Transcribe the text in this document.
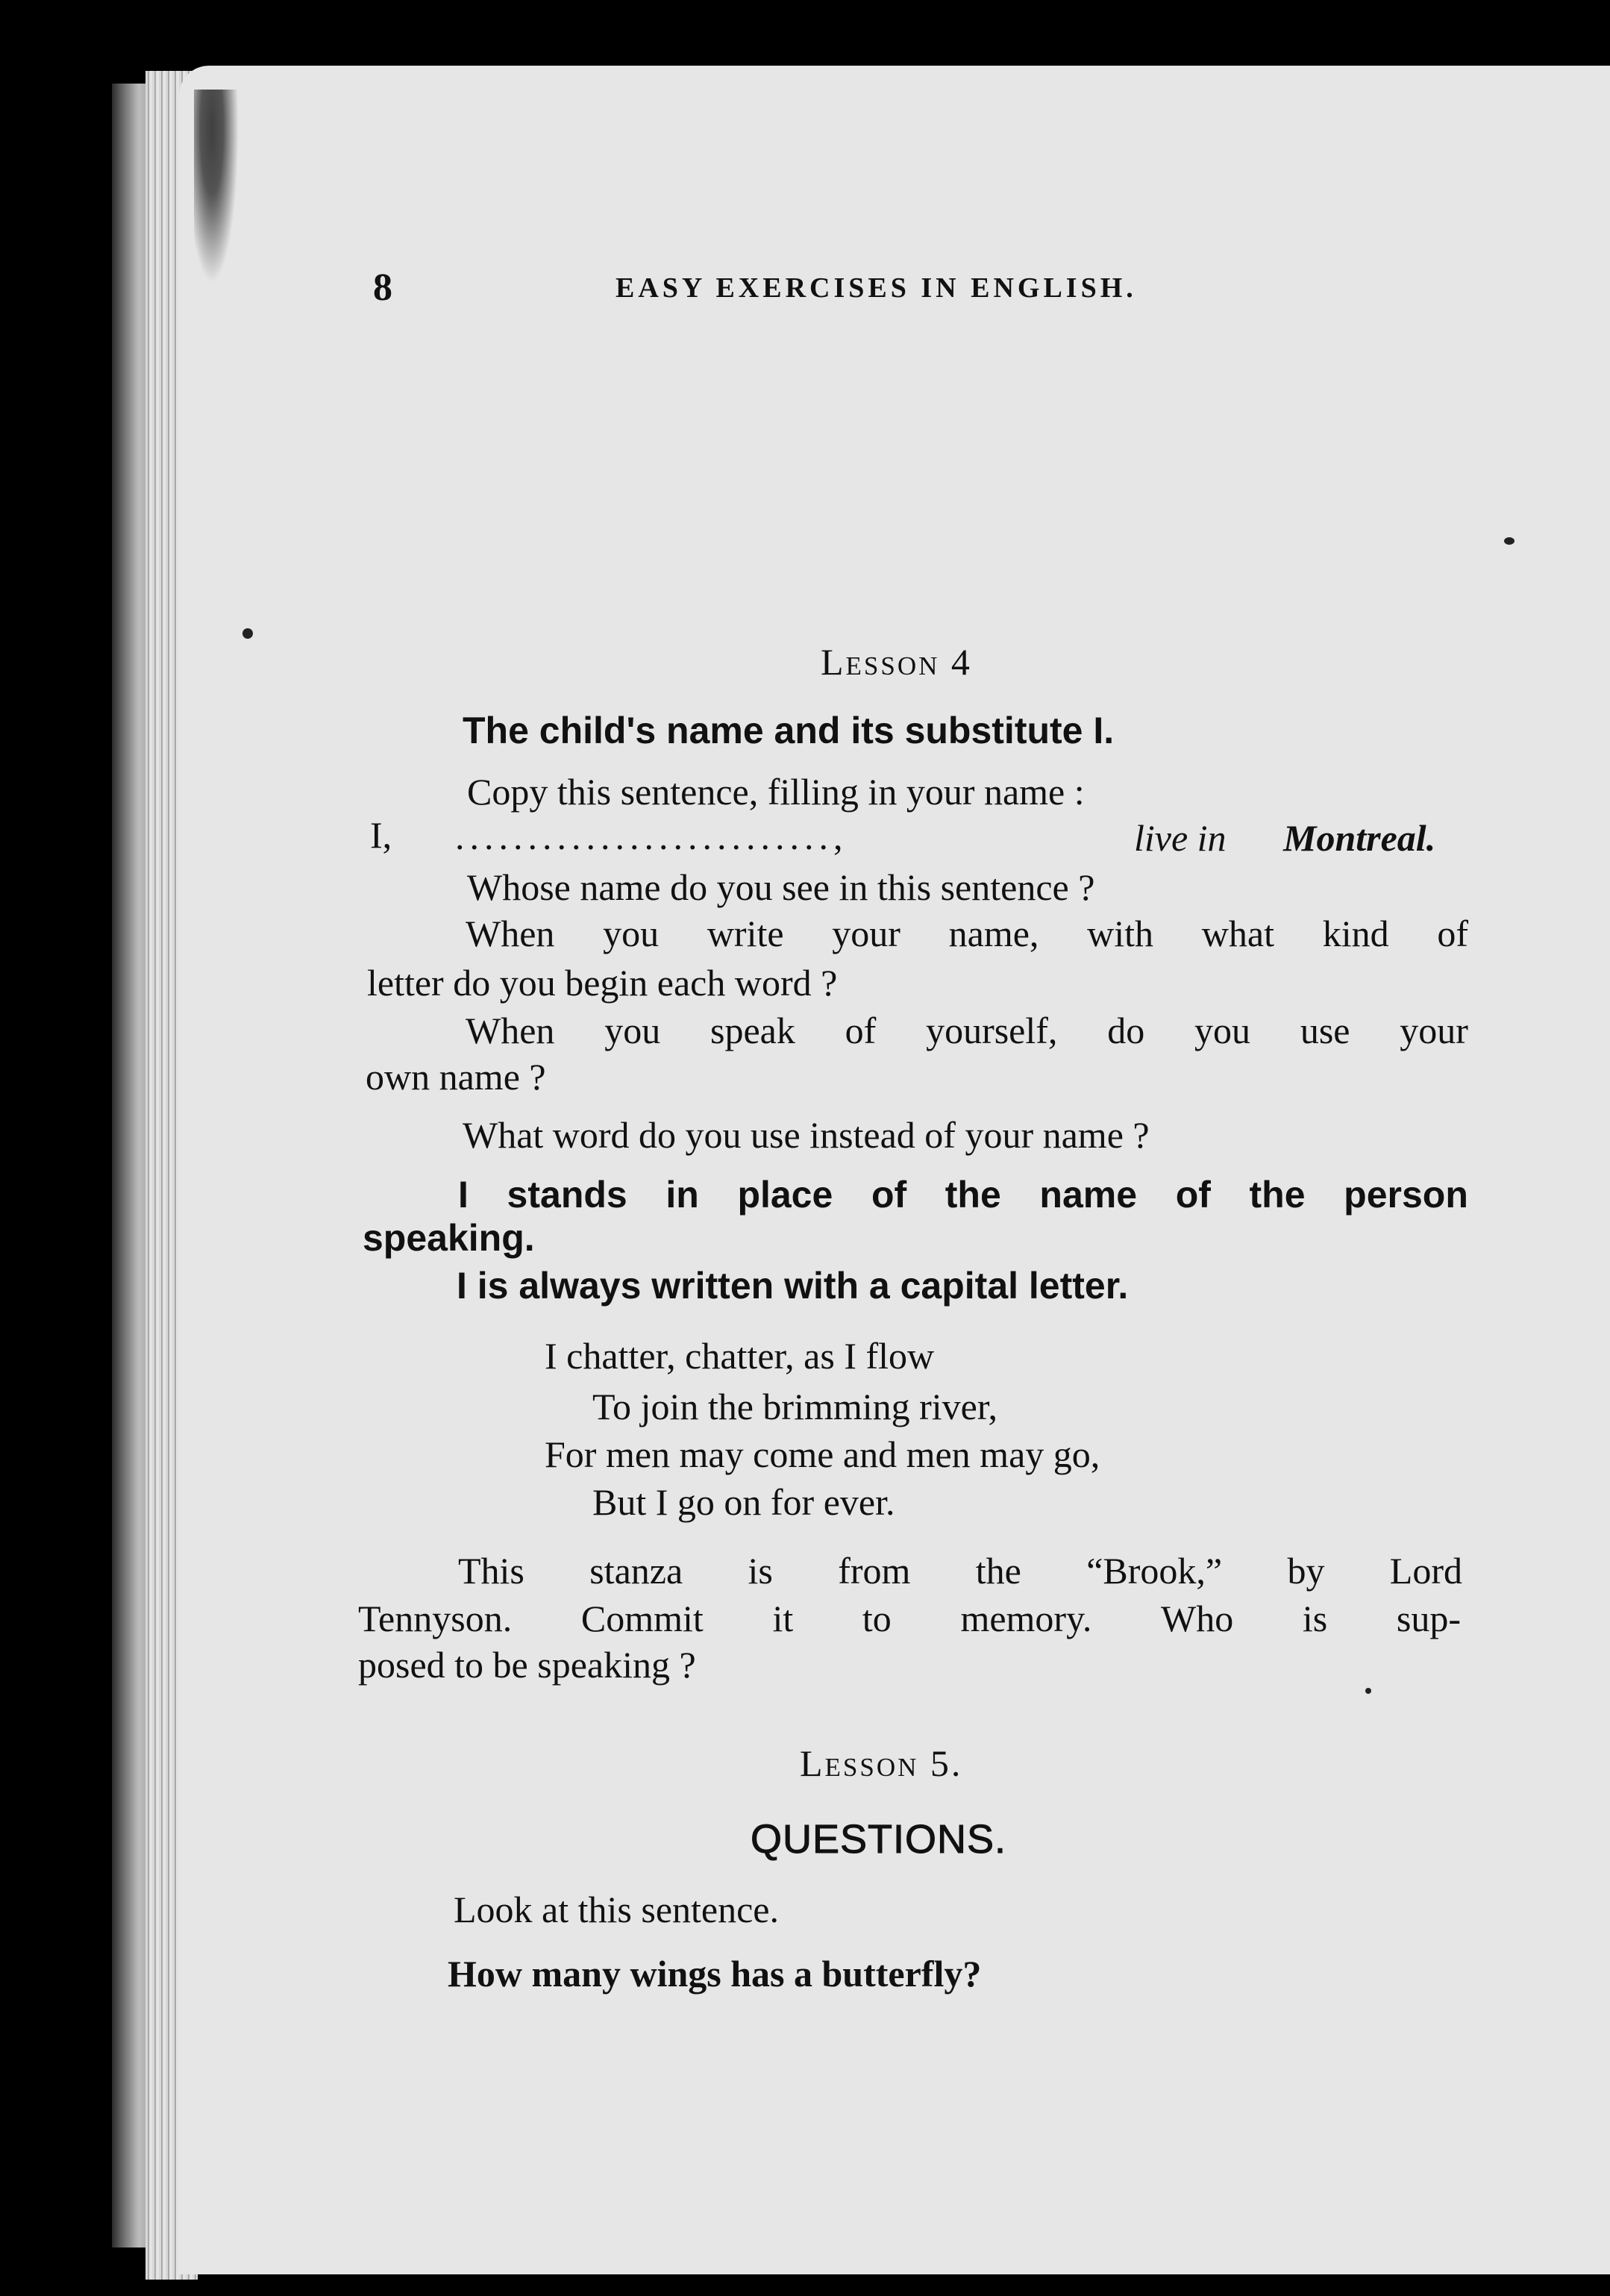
8	EASY EXERCISES IN ENGLISH.
Lesson 4
The child's name and its substitute I.
Copy this sentence, filling in your name :
I, ..........................,	live in Montreal.
Whose name do you see in this sentence ?
When you write your name, with what kind of
letter do you begin each word ?
When you speak of yourself, do you use your
own name ?
What word do you use instead of your name ?
I stands in place of the name of the person
speaking.
I is always written with a capital letter.
I chatter, chatter, as I flow
To join the brimming river,
For men may come and men may go,
But I go on for ever.
This stanza is from the “Brook,” by Lord
Tennyson. Commit it to memory. Who is sup-
posed to be speaking ?
Lesson 5.
QUESTIONS.
Look at this sentence.
How many wings has a butterfly?
